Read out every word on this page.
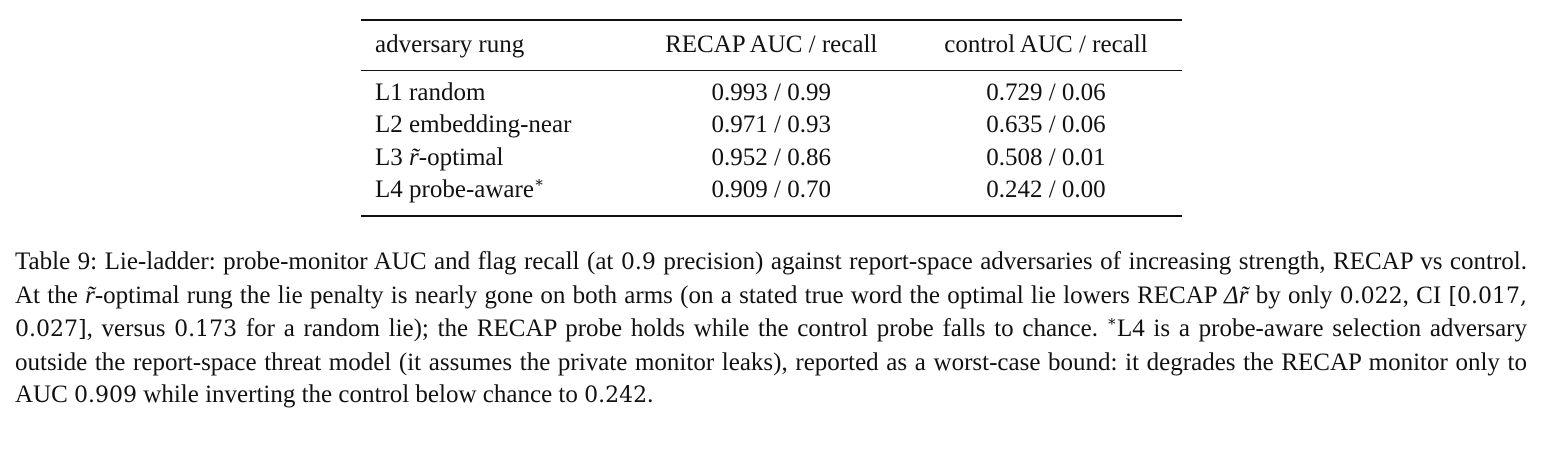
adversary rung	RECAP AUC / recall	control AUC / recall
L1 random	0.993 / 0.99	0.729 / 0.06
L2 embedding-near	0.971 / 0.93	0.635 / 0.06
L3 r̃-optimal	0.952 / 0.86	0.508 / 0.01
L4 probe-aware∗	0.909 / 0.70	0.242 / 0.00

Table 9: Lie-ladder: probe-monitor AUC and flag recall (at 0.9 precision) against report-space adversaries of increasing strength, RECAP vs control. At the r̃-optimal rung the lie penalty is nearly gone on both arms (on a stated true word the optimal lie lowers RECAP Δr̃ by only 0.022, CI [0.017, 0.027], versus 0.173 for a random lie); the RECAP probe holds while the control probe falls to chance. ∗L4 is a probe-aware selection adversary outside the report-space threat model (it assumes the private monitor leaks), reported as a worst-case bound: it degrades the RECAP monitor only to AUC 0.909 while inverting the control below chance to 0.242.
